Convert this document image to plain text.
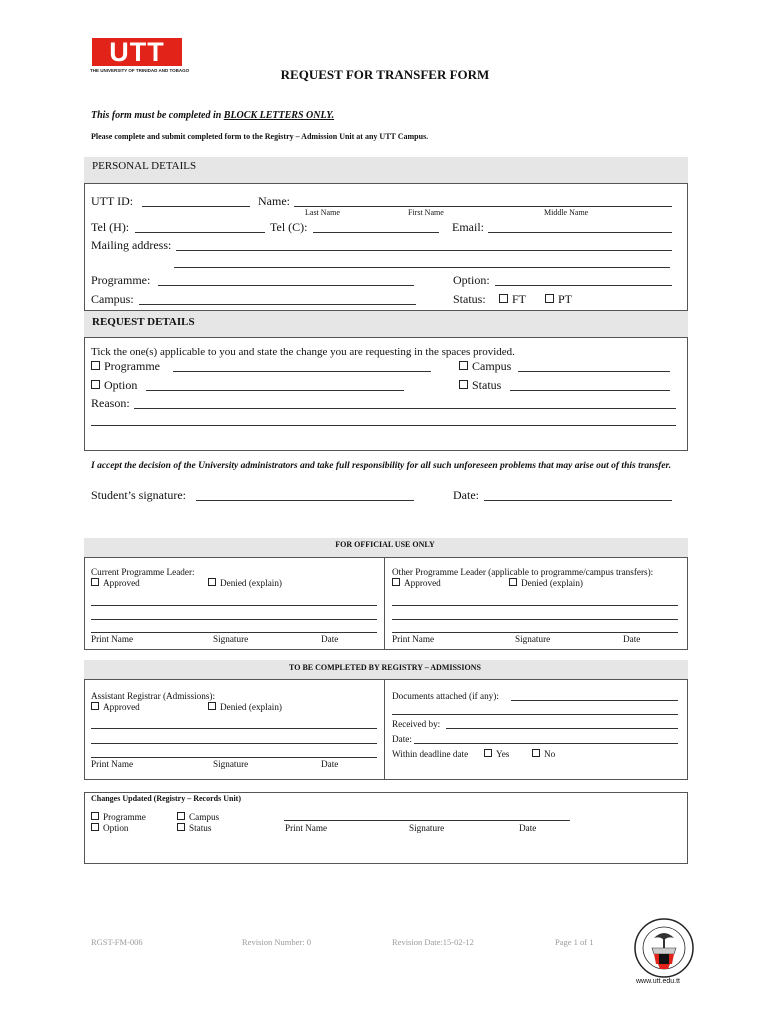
UTT
THE UNIVERSITY OF TRINIDAD AND TOBAGO	REQUEST FOR TRANSFER FORM
This form must be completed in BLOCK LETTERS ONLY.
Please complete and submit completed form to the Registry – Admission Unit at any UTT Campus.
PERSONAL DETAILS
UTT ID:	Name:
Last Name	First Name	Middle Name
Tel (H):	Tel (C):	Email:
Mailing address:
Programme:	Option:
Campus:	Status:	FT	PT
REQUEST DETAILS
Tick the one(s) applicable to you and state the change you are requesting in the spaces provided.
Programme	Campus
Option	Status
Reason:
I accept the decision of the University administrators and take full responsibility for all such unforeseen problems that may arise out of this transfer.
Student’s signature:	Date:
FOR OFFICIAL USE ONLY
Current Programme Leader:
Approved	Denied (explain)
Print Name	Signature	Date
Other Programme Leader (applicable to programme/campus transfers):
Approved	Denied (explain)
Print Name	Signature	Date
TO BE COMPLETED BY REGISTRY – ADMISSIONS
Assistant Registrar (Admissions):
Approved	Denied (explain)
Print Name	Signature	Date
Documents attached (if any):
Received by:
Date:
Within deadline date	Yes	No
Changes Updated (Registry – Records Unit)
Programme	Campus
Option	Status	Print Name	Signature	Date
RGST-FM-006	Revision Number: 0	Revision Date:15-02-12	Page 1 of 1
www.utt.edu.tt
